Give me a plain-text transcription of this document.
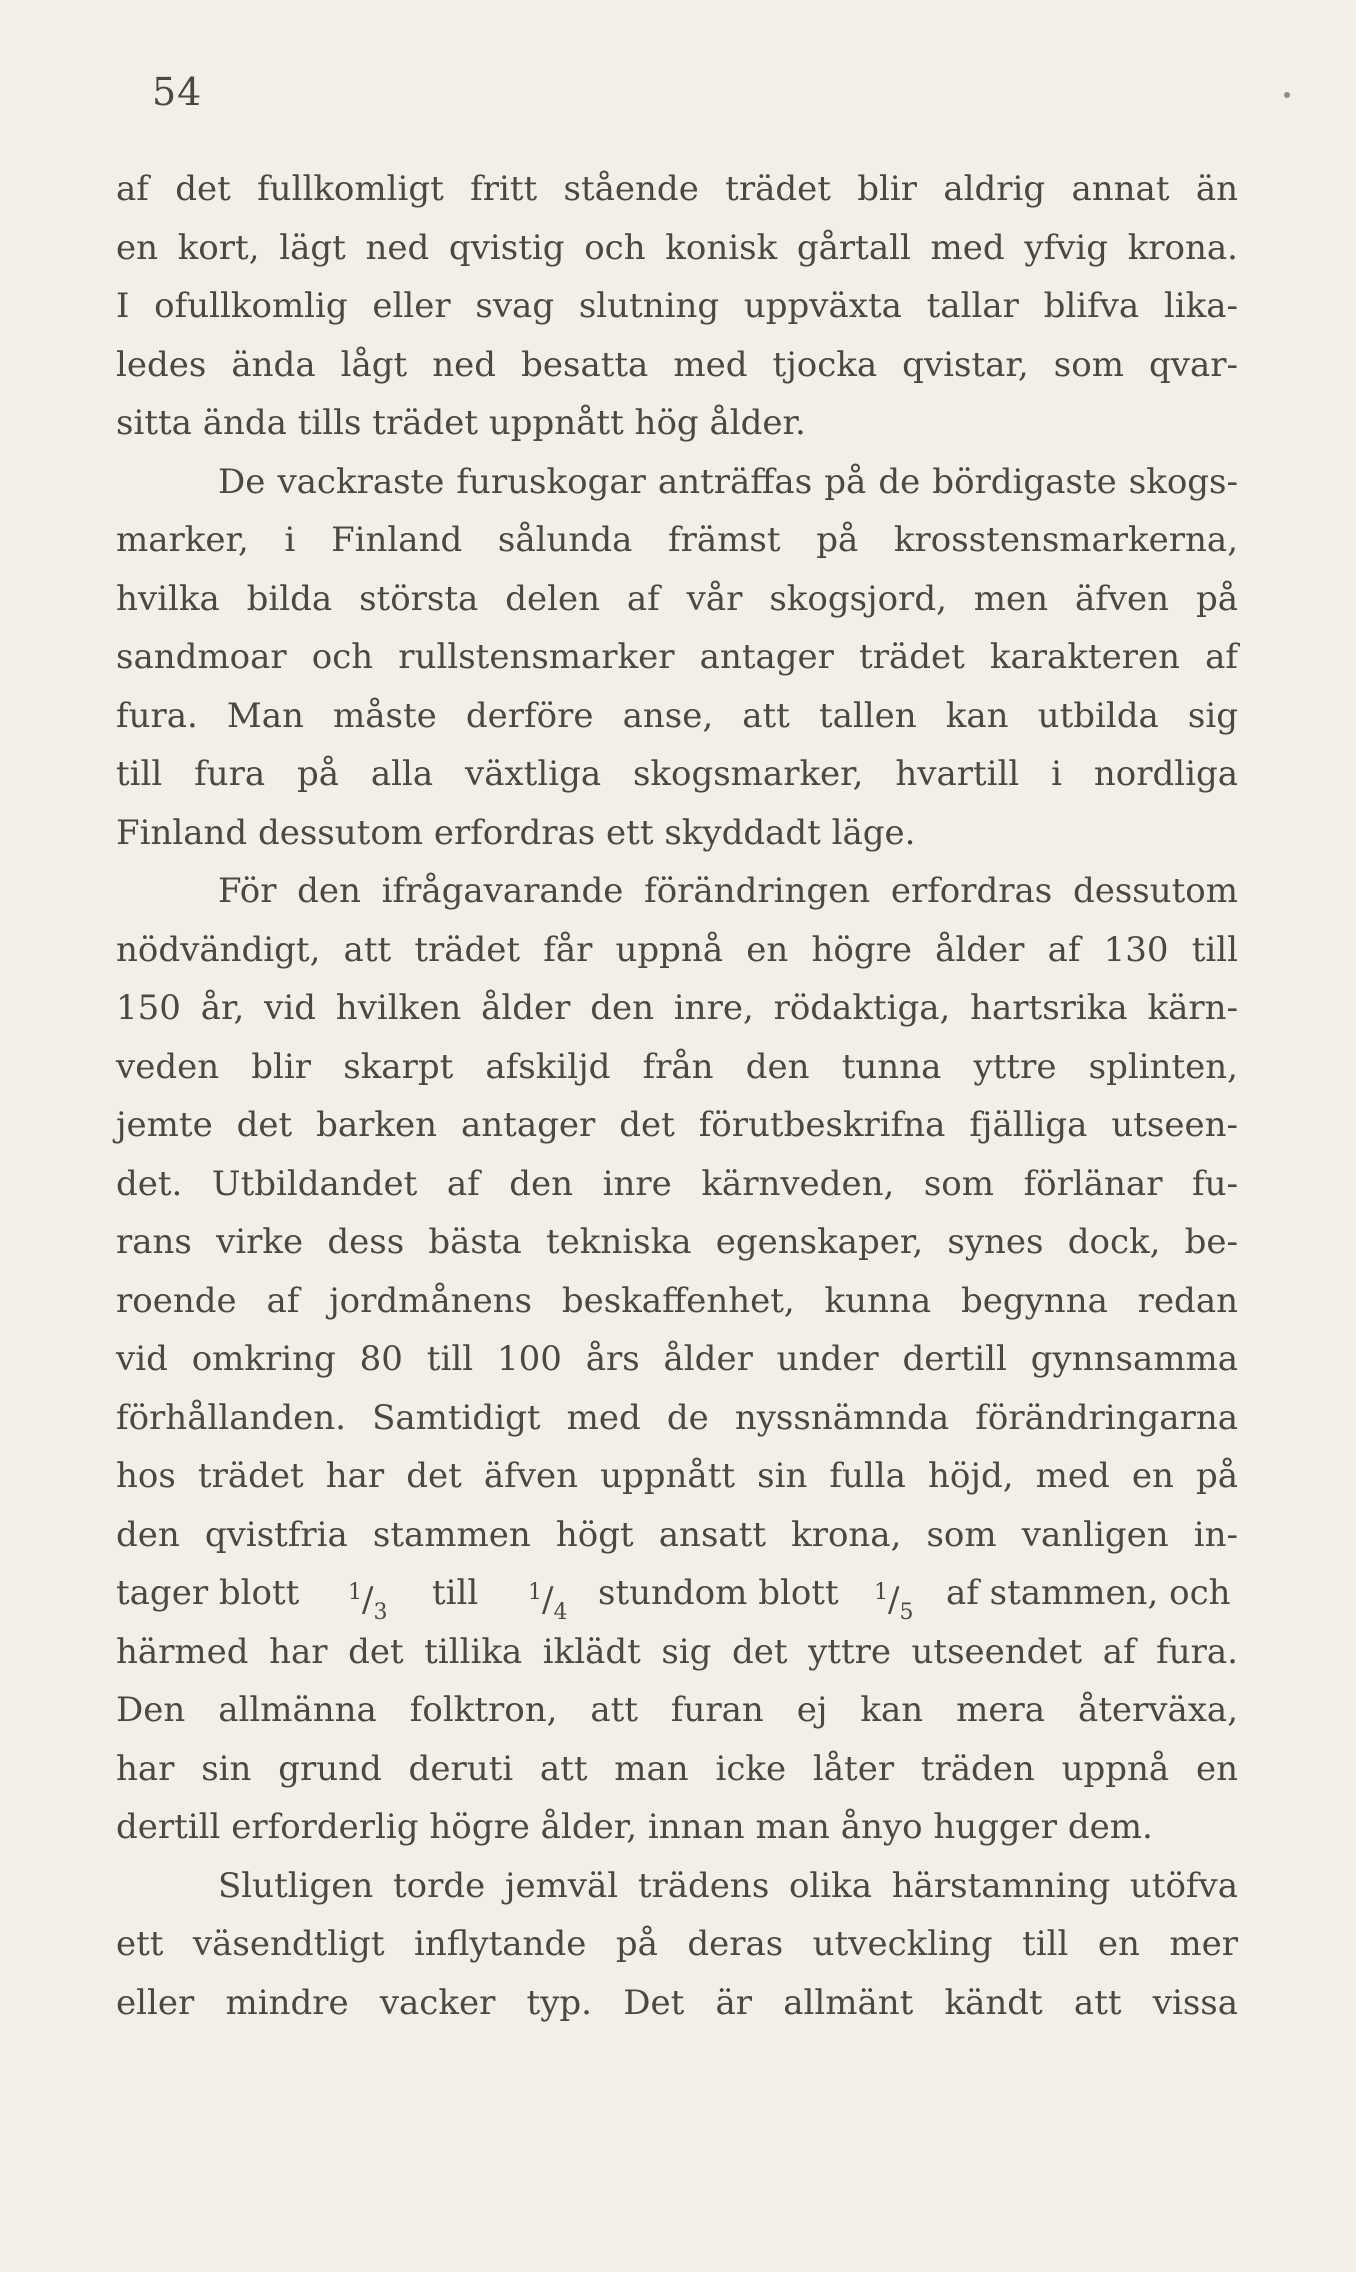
54
af det fullkomligt fritt stående trädet blir aldrig annat än
en kort, lägt ned qvistig och konisk gårtall med yfvig krona.
I ofullkomlig eller svag slutning uppväxta tallar blifva lika-
ledes ända lågt ned besatta med tjocka qvistar, som qvar-
sitta ända tills trädet uppnått hög ålder.
De vackraste furuskogar anträffas på de bördigaste skogs-
marker, i Finland sålunda främst på krosstensmarkerna,
hvilka bilda största delen af vår skogsjord, men äfven på
sandmoar och rullstensmarker antager trädet karakteren af
fura. Man måste derföre anse, att tallen kan utbilda sig
till fura på alla växtliga skogsmarker, hvartill i nordliga
Finland dessutom erfordras ett skyddadt läge.
För den ifrågavarande förändringen erfordras dessutom
nödvändigt, att trädet får uppnå en högre ålder af 130 till
150 år, vid hvilken ålder den inre, rödaktiga, hartsrika kärn-
veden blir skarpt afskiljd från den tunna yttre splinten,
jemte det barken antager det förutbeskrifna fjälliga utseen-
det. Utbildandet af den inre kärnveden, som förlänar fu-
rans virke dess bästa tekniska egenskaper, synes dock, be-
roende af jordmånens beskaffenhet, kunna begynna redan
vid omkring 80 till 100 års ålder under dertill gynnsamma
förhållanden. Samtidigt med de nyssnämnda förändringarna
hos trädet har det äfven uppnått sin fulla höjd, med en på
den qvistfria stammen högt ansatt krona, som vanligen in-
tager blott $^1/_3$ till $^1/_4$ stundom blott $^1/_5$ af stammen, och
härmed har det tillika iklädt sig det yttre utseendet af fura.
Den allmänna folktron, att furan ej kan mera återväxa,
har sin grund deruti att man icke låter träden uppnå en
dertill erforderlig högre ålder, innan man ånyo hugger dem.
Slutligen torde jemväl trädens olika härstamning utöfva
ett väsendtligt inflytande på deras utveckling till en mer
eller mindre vacker typ. Det är allmänt kändt att vissa
